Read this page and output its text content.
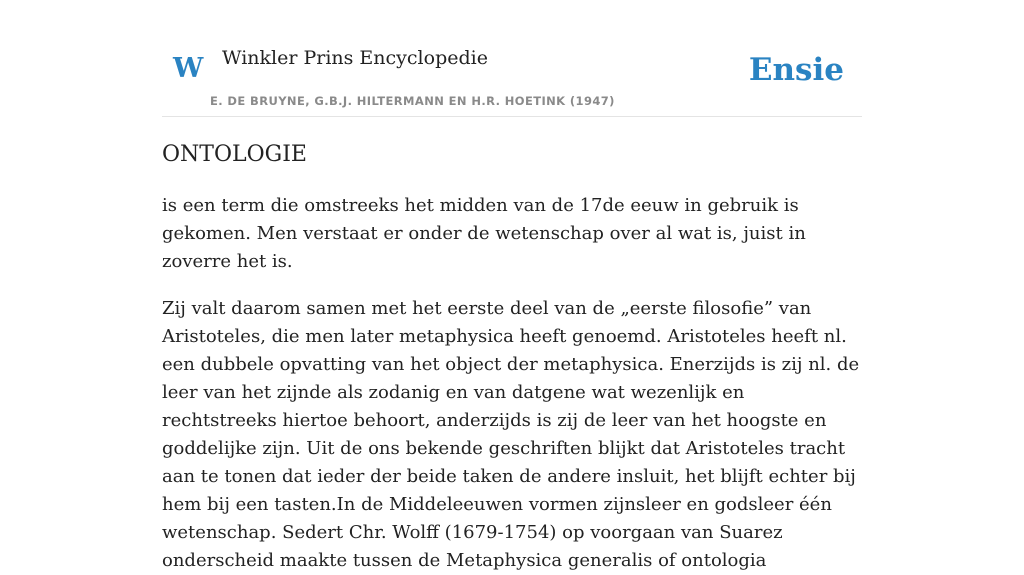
W Winkler Prins Encyclopedie
E. DE BRUYNE, G.B.J. HILTERMANN EN H.R. HOETINK (1947)
Ensie
ONTOLOGIE

is een term die omstreeks het midden van de 17de eeuw in gebruik is gekomen. Men verstaat er onder de wetenschap over al wat is, juist in zoverre het is.

Zij valt daarom samen met het eerste deel van de „eerste filosofie” van Aristoteles, die men later metaphysica heeft genoemd. Aristoteles heeft nl. een dubbele opvatting van het object der metaphysica. Enerzijds is zij nl. de leer van het zijnde als zodanig en van datgene wat wezenlijk en rechtstreeks hiertoe behoort, anderzijds is zij de leer van het hoogste en goddelijke zijn. Uit de ons bekende geschriften blijkt dat Aristoteles tracht aan te tonen dat ieder der beide taken de andere insluit, het blijft echter bij hem bij een tasten.In de Middeleeuwen vormen zijnsleer en godsleer één wetenschap. Sedert Chr. Wolff (1679-1754) op voorgaan van Suarez onderscheid maakte tussen de Metaphysica generalis of ontologia
